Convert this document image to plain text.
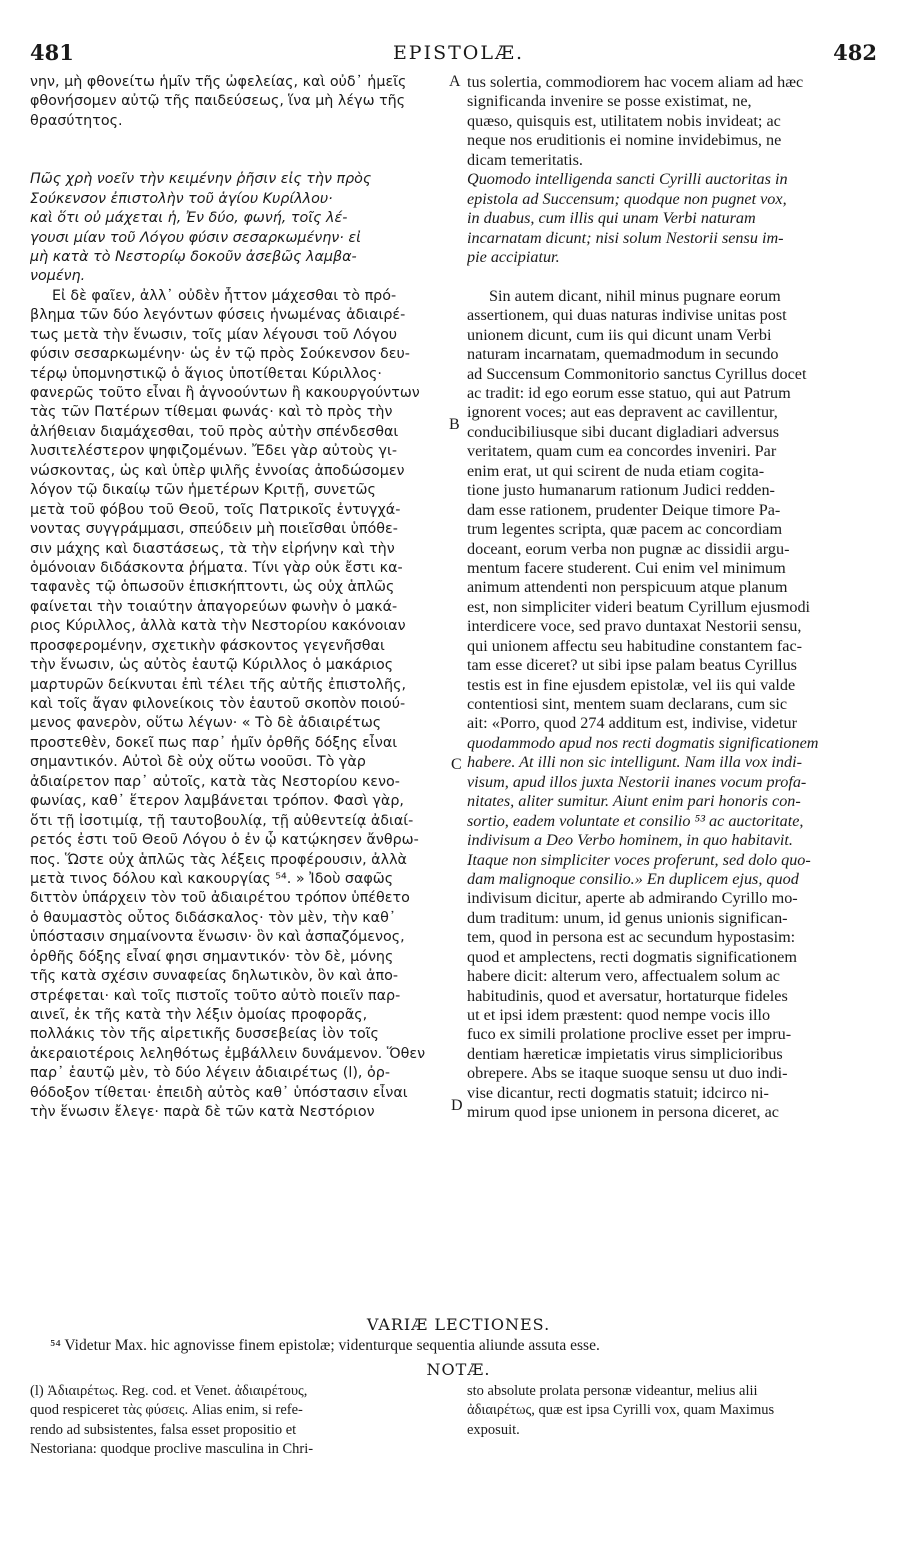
481	EPISTOLÆ.	482
νην, μὴ φθονείτω ἡμῖν τῆς ὠφελείας, καὶ οὐδ᾽ ἡμεῖς
φθονήσομεν αὐτῷ τῆς παιδεύσεως, ἵνα μὴ λέγω τῆς
θρασύτητος.
Πῶς χρὴ νοεῖν τὴν κειμένην ῥῆσιν εἰς τὴν πρὸς
Σούκενσον ἐπιστολὴν τοῦ ἁγίου Κυρίλλου·
καὶ ὅτι οὐ μάχεται ἡ, Ἐν δύο, φωνή, τοῖς λέ-
γουσι μίαν τοῦ Λόγου φύσιν σεσαρκωμένην· εἰ
μὴ κατὰ τὸ Νεστορίῳ δοκοῦν ἀσεβῶς λαμβα-
νομένη.
Εἰ δὲ φαῖεν, ἀλλ᾽ οὐδὲν ἧττον μάχεσθαι τὸ πρό-
βλημα τῶν δύο λεγόντων φύσεις ἡνωμένας ἀδιαιρέ-
τως μετὰ τὴν ἕνωσιν, τοῖς μίαν λέγουσι τοῦ Λόγου
φύσιν σεσαρκωμένην· ὡς ἐν τῷ πρὸς Σούκενσον δευ-
τέρῳ ὑπομνηστικῷ ὁ ἅγιος ὑποτίθεται Κύριλλος·
φανερῶς τοῦτο εἶναι ἢ ἀγνοούντων ἢ κακουργούντων
τὰς τῶν Πατέρων τίθεμαι φωνάς· καὶ τὸ πρὸς τὴν
ἀλήθειαν διαμάχεσθαι, τοῦ πρὸς αὐτὴν σπένδεσθαι
λυσιτελέστερον ψηφιζομένων. Ἔδει γὰρ αὐτοὺς γι-
νώσκοντας, ὡς καὶ ὑπὲρ ψιλῆς ἐννοίας ἀποδώσομεν
λόγον τῷ δικαίῳ τῶν ἡμετέρων Κριτῇ, συνετῶς
μετὰ τοῦ φόβου τοῦ Θεοῦ, τοῖς Πατρικοῖς ἐντυγχά-
νοντας συγγράμμασι, σπεύδειν μὴ ποιεῖσθαι ὑπόθε-
σιν μάχης καὶ διαστάσεως, τὰ τὴν εἰρήνην καὶ τὴν
ὁμόνοιαν διδάσκοντα ῥήματα. Τίνι γὰρ οὐκ ἔστι κα-
ταφανὲς τῷ ὁπωσοῦν ἐπισκήπτοντι, ὡς οὐχ ἁπλῶς
φαίνεται τὴν τοιαύτην ἀπαγορεύων φωνὴν ὁ μακά-
ριος Κύριλλος, ἀλλὰ κατὰ τὴν Νεστορίου κακόνοιαν
προσφερομένην, σχετικὴν φάσκοντος γεγενῆσθαι
τὴν ἕνωσιν, ὡς αὐτὸς ἑαυτῷ Κύριλλος ὁ μακάριος
μαρτυρῶν δείκνυται ἐπὶ τέλει τῆς αὐτῆς ἐπιστολῆς,
καὶ τοῖς ἄγαν φιλονείκοις τὸν ἑαυτοῦ σκοπὸν ποιού-
μενος φανερὸν, οὕτω λέγων· « Τὸ δὲ ἀδιαιρέτως
προστεθὲν, δοκεῖ πως παρ᾽ ἡμῖν ὀρθῆς δόξης εἶναι
σημαντικόν. Αὐτοὶ δὲ οὐχ οὕτω νοοῦσι. Τὸ γὰρ
ἀδιαίρετον παρ᾽ αὐτοῖς, κατὰ τὰς Νεστορίου κενο-
φωνίας, καθ᾽ ἕτερον λαμβάνεται τρόπον. Φασὶ γὰρ,
ὅτι τῇ ἰσοτιμίᾳ, τῇ ταυτοβουλίᾳ, τῇ αὐθεντείᾳ ἀδιαί-
ρετός ἐστι τοῦ Θεοῦ Λόγου ὁ ἐν ᾧ κατῴκησεν ἄνθρω-
πος. Ὥστε οὐχ ἁπλῶς τὰς λέξεις προφέρουσιν, ἀλλὰ
μετὰ τινος δόλου καὶ κακουργίας ⁵⁴. » Ἰδοὺ σαφῶς
διττὸν ὑπάρχειν τὸν τοῦ ἀδιαιρέτου τρόπον ὑπέθετο
ὁ θαυμαστὸς οὗτος διδάσκαλος· τὸν μὲν, τὴν καθ᾽
ὑπόστασιν σημαίνοντα ἕνωσιν· ὃν καὶ ἀσπαζόμενος,
ὀρθῆς δόξης εἶναί φησι σημαντικόν· τὸν δὲ, μόνης
τῆς κατὰ σχέσιν συναφείας δηλωτικὸν, ὃν καὶ ἀπο-
στρέφεται· καὶ τοῖς πιστοῖς τοῦτο αὐτὸ ποιεῖν παρ-
αινεῖ, ἐκ τῆς κατὰ τὴν λέξιν ὁμοίας προφορᾶς,
πολλάκις τὸν τῆς αἱρετικῆς δυσσεβείας ἰὸν τοῖς
ἀκεραιοτέροις λεληθότως ἐμβάλλειν δυνάμενον. Ὅθεν
παρ᾽ ἑαυτῷ μὲν, τὸ δύο λέγειν ἀδιαιρέτως (l), ὀρ-
θόδοξον τίθεται· ἐπειδὴ αὐτὸς καθ᾽ ὑπόστασιν εἶναι
τὴν ἕνωσιν ἔλεγε· παρὰ δὲ τῶν κατὰ Νεστόριον
tus solertia, commodiorem hac vocem aliam ad hæc
significanda invenire se posse existimat, ne,
quæso, quisquis est, utilitatem nobis invideat; ac
neque nos eruditionis ei nomine invidebimus, ne
dicam temeritatis.
Quomodo intelligenda sancti Cyrilli auctoritas in
epistola ad Succensum; quodque non pugnet vox,
in duabus, cum illis qui unam Verbi naturam
incarnatam dicunt; nisi solum Nestorii sensu im-
pie accipiatur.
Sin autem dicant, nihil minus pugnare eorum
assertionem, qui duas naturas indivise unitas post
unionem dicunt, cum iis qui dicunt unam Verbi
naturam incarnatam, quemadmodum in secundo
ad Succensum Commonitorio sanctus Cyrillus docet
ac tradit: id ego eorum esse statuo, qui aut Patrum
ignorent voces; aut eas depravent ac cavillentur,
conducibiliusque sibi ducant digladiari adversus
veritatem, quam cum ea concordes inveniri. Par
enim erat, ut qui scirent de nuda etiam cogita-
tione justo humanarum rationum Judici redden-
dam esse rationem, prudenter Deique timore Pa-
trum legentes scripta, quæ pacem ac concordiam
doceant, eorum verba non pugnæ ac dissidii argu-
mentum facere studerent. Cui enim vel minimum
animum attendenti non perspicuum atque planum
est, non simpliciter videri beatum Cyrillum ejusmodi
interdicere voce, sed pravo duntaxat Nestorii sensu,
qui unionem affectu seu habitudine constantem fac-
tam esse diceret? ut sibi ipse palam beatus Cyrillus
testis est in fine ejusdem epistolæ, vel iis qui valde
contentiosi sint, mentem suam declarans, cum sic
ait: «Porro, quod 274 additum est, indivise, videtur
quodammodo apud nos recti dogmatis significationem
habere. At illi non sic intelligunt. Nam illa vox indi-
visum, apud illos juxta Nestorii inanes vocum profa-
nitates, aliter sumitur. Aiunt enim pari honoris con-
sortio, eadem voluntate et consilio ⁵³ ac auctoritate,
indivisum a Deo Verbo hominem, in quo habitavit.
Itaque non simpliciter voces proferunt, sed dolo quo-
dam malignoque consilio.» En duplicem ejus, quod
indivisum dicitur, aperte ab admirando Cyrillo mo-
dum traditum: unum, id genus unionis significan-
tem, quod in persona est ac secundum hypostasim:
quod et amplectens, recti dogmatis significationem
habere dicit: alterum vero, affectualem solum ac
habitudinis, quod et aversatur, hortaturque fideles
ut et ipsi idem præstent: quod nempe vocis illo
fuco ex simili prolatione proclive esset per impru-
dentiam hæreticæ impietatis virus simplicioribus
obrepere. Abs se itaque suoque sensu ut duo indi-
vise dicantur, recti dogmatis statuit; idcirco ni-
mirum quod ipse unionem in persona diceret, ac
A
B
C
D
VARIÆ LECTIONES.
⁵⁴ Videtur Max. hic agnovisse finem epistolæ; videnturque sequentia aliunde assuta esse.
NOTÆ.
(l) Ἀδιαιρέτως. Reg. cod. et Venet. ἀδιαιρέτους,
quod respiceret τὰς φύσεις. Alias enim, si refe-
rendo ad subsistentes, falsa esset propositio et
Nestoriana: quodque proclive masculina in Chri-
sto absolute prolata personæ videantur, melius alii
ἀδιαιρέτως, quæ est ipsa Cyrilli vox, quam Maximus
exposuit.
